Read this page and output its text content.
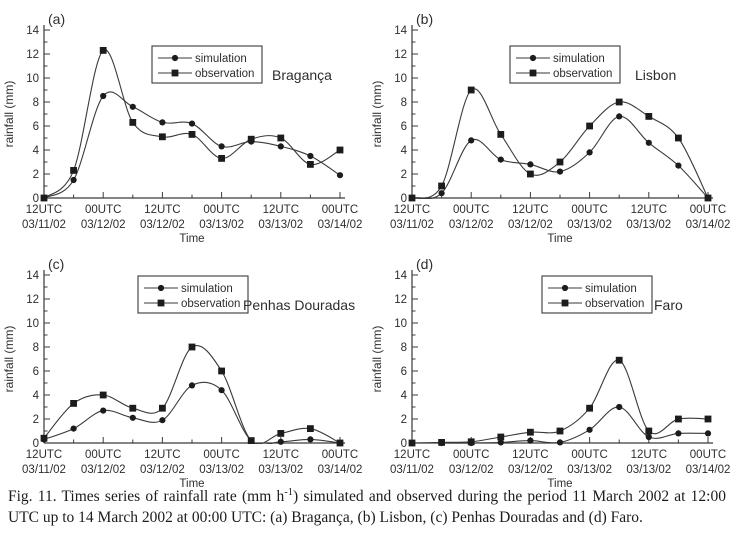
0
2
4
6
8
10
12
14
12UTC
03/11/02
00UTC
03/12/02
12UTC
03/12/02
00UTC
03/13/02
12UTC
03/13/02
00UTC
03/14/02
Time
rainfall (mm)
(a)
simulation
observation Bragança
0
2
4
6
8
10
12
14
12UTC
03/11/02
00UTC
03/12/02
12UTC
03/12/02
00UTC
03/13/02
12UTC
03/13/02
00UTC
03/14/02
Time
rainfall (mm)
(b)
simulation
observation Lisbon
0
2
4
6
8
10
12
14
12UTC
03/11/02
00UTC
03/12/02
12UTC
03/12/02
00UTC
03/13/02
12UTC
03/13/02
00UTC
03/14/02
Time
rainfall (mm)
(c)
simulation
observation Penhas Douradas
0
2
4
6
8
10
12
14
12UTC
03/11/02
00UTC
03/12/02
12UTC
03/12/02
00UTC
03/13/02
12UTC
03/13/02
00UTC
03/14/02
Time
rainfall (mm)
(d)
simulation
observation Faro

Fig. 11. Times series of rainfall rate (mm $h^{-1}$) simulated and observed during the period 11 March 2002 at 12:00 UTC up to 14 March 2002 at 00:00 UTC: (a) Bragança, (b) Lisbon, (c) Penhas Douradas and (d) Faro.
